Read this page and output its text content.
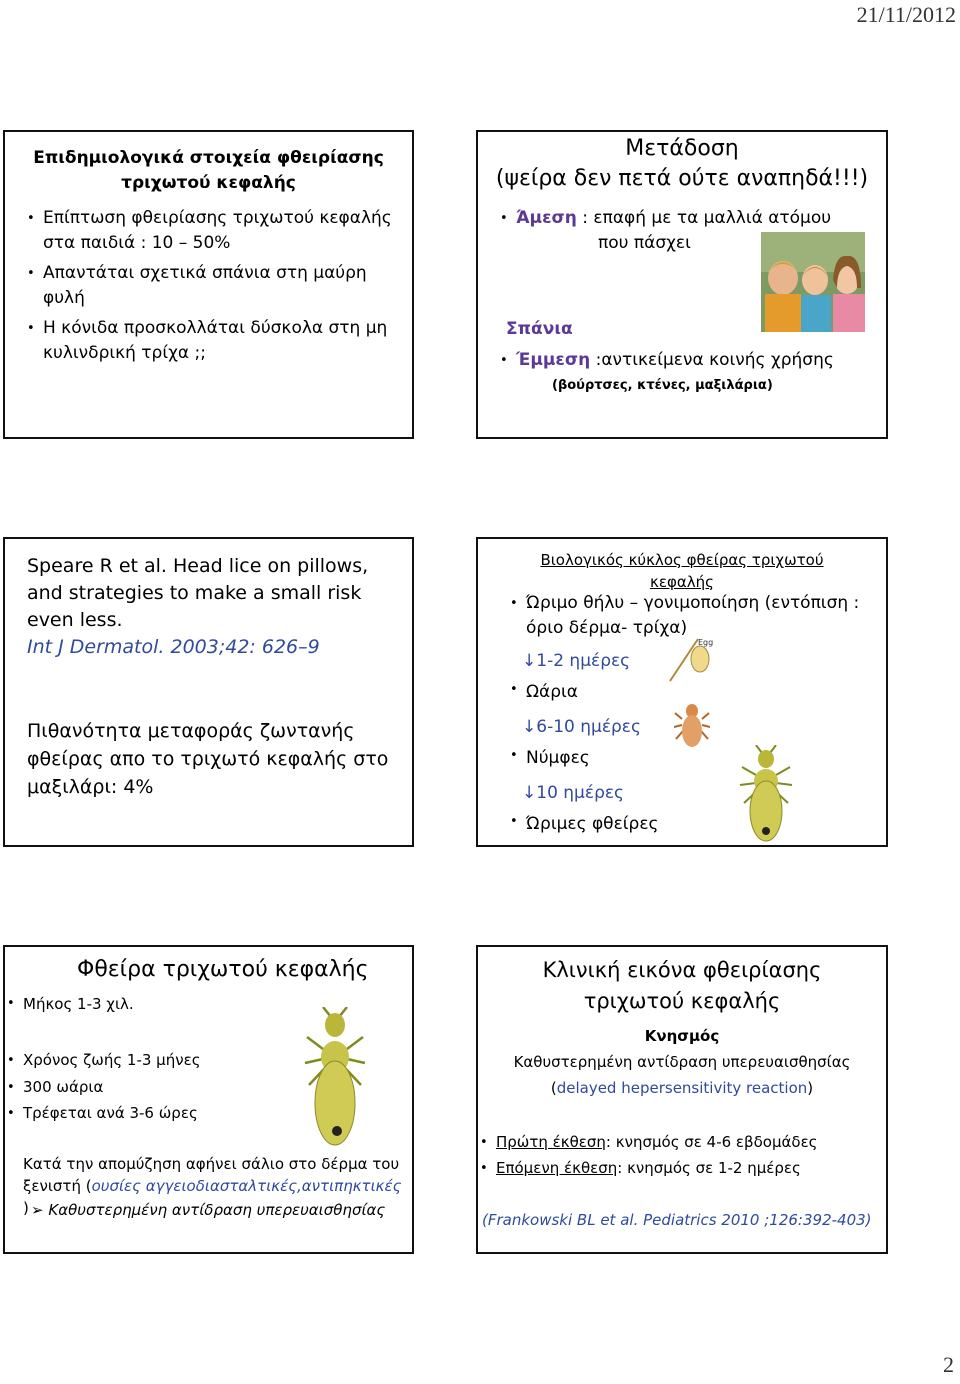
21/11/2012
Επιδημιολογικά στοιχεία φθειρίασης
τριχωτού κεφαλής
• Επίπτωση φθειρίασης τριχωτού κεφαλής
στα παιδιά : 10 – 50%
• Απαντάται σχετικά σπάνια στη μαύρη
φυλή
• Η κόνιδα προσκολλάται δύσκολα στη μη
κυλινδρική τρίχα ;;
Μετάδοση
(ψείρα δεν πετά ούτε αναπηδά!!!)
• Άμεση : επαφή με τα μαλλιά ατόμου
που πάσχει
Σπάνια
• Έμμεση :αντικείμενα κοινής χρήσης
(βούρτσες, κτένες, μαξιλάρια)
Speare R et al. Head lice on pillows,
and strategies to make a small risk
even less.
Int J Dermatol. 2003;42: 626–9
Πιθανότητα μεταφοράς ζωντανής
φθείρας απο το τριχωτό κεφαλής στο
μαξιλάρι: 4%
Βιολογικός κύκλος φθείρας τριχωτού
κεφαλής
• Ώριμο θήλυ – γονιμοποίηση (εντόπιση :
όριο δέρμα- τρίχα)
↓1-2 ημέρες
• Ωάρια
↓6-10 ημέρες
• Νύμφες
↓10 ημέρες
• Ώριμες φθείρες
Egg
Φθείρα τριχωτού κεφαλής
• Μήκος 1-3 χιλ.
• Χρόνος ζωής 1-3 μήνες
• 300 ωάρια
• Τρέφεται ανά 3-6 ώρες
Κατά την απομύζηση αφήνει σάλιο στο δέρμα του
ξενιστή (ουσίες αγγειοδιασταλτικές,αντιπηκτικές ) ➢ Καθυστερημένη αντίδραση υπερευαισθησίας
Κλινική εικόνα φθειρίασης
τριχωτού κεφαλής
Κνησμός
Καθυστερημένη αντίδραση υπερευαισθησίας
(delayed hepersensitivity reaction)
• Πρώτη έκθεση: κνησμός σε 4-6 εβδομάδες
• Επόμενη έκθεση: κνησμός σε 1-2 ημέρες
(Frankowski BL et al. Pediatrics 2010 ;126:392-403)
2
